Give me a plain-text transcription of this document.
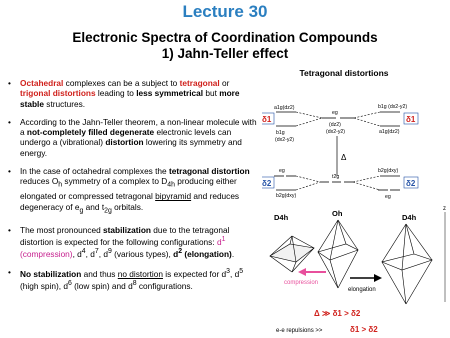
Lecture 30
Electronic Spectra of Coordination Compounds
1) Jahn-Teller effect
• Octahedral complexes can be a subject to tetragonal or trigonal distortions leading to less symmetrical but more stable structures.
• According to the Jahn-Teller theorem, a non-linear molecule with a not-completely filled degenerate electronic levels can undergo a (vibrational) distortion lowering its symmetry and energy.
• In the case of octahedral complexes the tetragonal distortion reduces $O_h$ symmetry of a complex to $D_{4h}$ producing either elongated or compressed tetragonal bipyramid and reduces degeneracy of $e_g$ and $t_{2g}$ orbitals.
• The most pronounced stabilization due to the tetragonal distortion is expected for the following configurations: $d^1$ (compression), $d^4$, $d^7$, $d^9$ (various types), $d^2$ (elongation).
• No stabilization and thus no distortion is expected for $d^3$, $d^5$ (high spin), $d^6$ (low spin) and $d^8$ configurations.
Tetragonal distortions
a1g(dz2)
b1g
(dx2-y2)
eg
(dz2)
(dx2-y2)
b1g (dx2-y2)
a1g(dz2)
eg
b2g(dxy)
t2g
b2g(dxy)
eg
Δ
δ1	δ1
δ2	δ2
D4h	Oh	D4h
z
compression
elongation
Δ ≫ δ1 > δ2
e-e repulsions >>	δ1 > δ2
